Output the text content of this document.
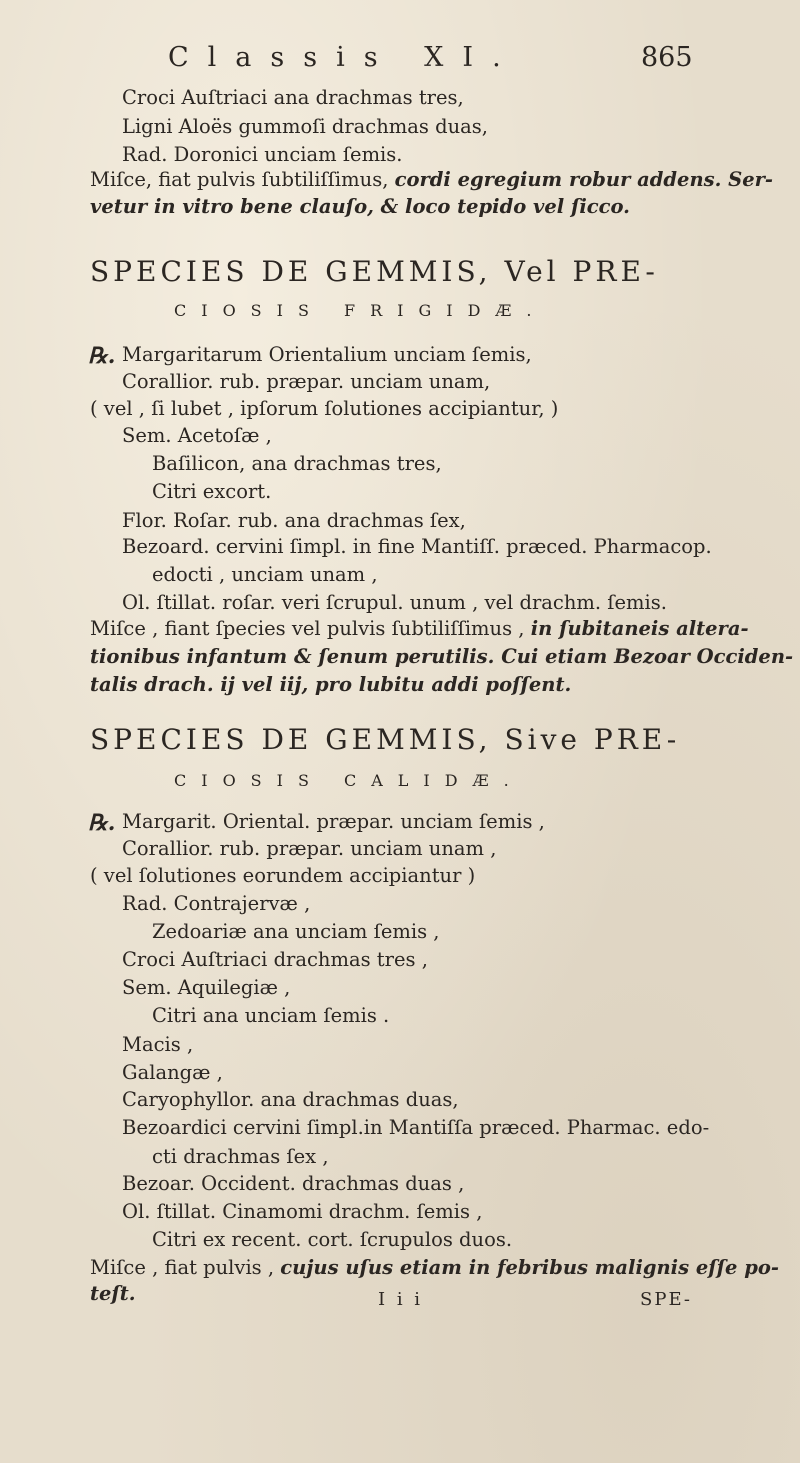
Classis XI.	865
Croci Auſtriaci ana drachmas tres,
Ligni Aloës gummoſi drachmas duas,
Rad. Doronici unciam ſemis.
Miſce, fiat pulvis ſubtiliſſimus, cordi egregium robur addens. Ser-
vetur in vitro bene clauſo, & loco tepido vel ſicco.
SPECIES DE GEMMIS, Vel PRE-
CIOSIS FRIGIDÆ.
℞. Margaritarum Orientalium unciam ſemis,
Corallior. rub. præpar. unciam unam,
( vel , ſi lubet , ipſorum ſolutiones accipiantur, )
Sem. Acetoſæ ,
Baſilicon, ana drachmas tres,
Citri excort.
Flor. Roſar. rub. ana drachmas ſex,
Bezoard. cervini ſimpl. in fine Mantiſſ. præced. Pharmacop.
edocti , unciam unam ,
Ol. ſtillat. roſar. veri ſcrupul. unum , vel drachm. ſemis.
Miſce , fiant ſpecies vel pulvis ſubtiliſſimus , in ſubitaneis altera-
tionibus infantum & ſenum perutilis. Cui etiam Bezoar Occiden-
talis drach. ij vel iij, pro lubitu addi poſſent.
SPECIES DE GEMMIS, Sive PRE-
CIOSIS CALIDÆ.
℞. Margarit. Oriental. præpar. unciam ſemis ,
Corallior. rub. præpar. unciam unam ,
( vel ſolutiones eorundem accipiantur )
Rad. Contrajervæ ,
Zedoariæ ana unciam ſemis ,
Croci Auſtriaci drachmas tres ,
Sem. Aquilegiæ ,
Citri ana unciam ſemis .
Macis ,
Galangæ ,
Caryophyllor. ana drachmas duas,
Bezoardici cervini ſimpl.in Mantiſſa præced. Pharmac. edo-
cti drachmas ſex ,
Bezoar. Occident. drachmas duas ,
Ol. ſtillat. Cinamomi drachm. ſemis ,
Citri ex recent. cort. ſcrupulos duos.
Miſce , fiat pulvis , cujus uſus etiam in febribus malignis eſſe po-
teſt.	I i i	SPE-
